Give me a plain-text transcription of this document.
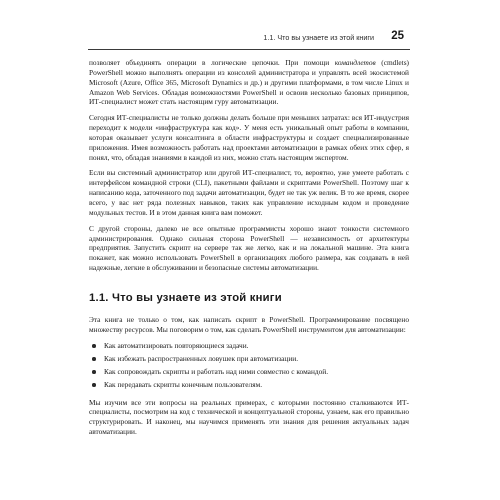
1.1. Что вы узнаете из этой книги 25

позволяет объединять операции в логические цепочки. При помощи командлетов (cmdlets) PowerShell можно выполнять операции из консолей администратора и управлять всей экосистемой Microsoft (Azure, Office 365, Microsoft Dynamics и др.) и другими платформами, в том числе Linux и Amazon Web Services. Обладая возможностями PowerShell и освоив несколько базовых принципов, ИТ-специалист может стать настоящим гуру автоматизации.

Сегодня ИТ-специалисты не только должны делать больше при меньших затратах: вся ИТ-индустрия переходит к модели «инфраструктура как код». У меня есть уникальный опыт работы в компании, которая оказывает услуги консалтинга в области инфраструктуры и создает специализированные приложения. Имея возможность работать над проектами автоматизации в рамках обеих этих сфер, я понял, что, обладая знаниями в каждой из них, можно стать настоящим экспертом.

Если вы системный администратор или другой ИТ-специалист, то, вероятно, уже умеете работать с интерфейсом командной строки (CLI), пакетными файлами и скриптами PowerShell. Поэтому шаг к написанию кода, заточенного под задачи автоматизации, будет не так уж велик. В то же время, скорее всего, у вас нет ряда полезных навыков, таких как управление исходным кодом и проведение модульных тестов. И в этом данная книга вам поможет.

С другой стороны, далеко не все опытные программисты хорошо знают тонкости системного администрирования. Однако сильная сторона PowerShell — независимость от архитектуры предприятия. Запустить скрипт на сервере так же легко, как и на локальной машине. Эта книга покажет, как можно использовать PowerShell в организациях любого размера, как создавать в ней надежные, легкие в обслуживании и безопасные системы автоматизации.

1.1. Что вы узнаете из этой книги

Эта книга не только о том, как написать скрипт в PowerShell. Программирование посвящено множеству ресурсов. Мы поговорим о том, как сделать PowerShell инструментом для автоматизации:

Как автоматизировать повторяющиеся задачи.
Как избежать распространенных ловушек при автоматизации.
Как сопровождать скрипты и работать над ними совместно с командой.
Как передавать скрипты конечным пользователям.

Мы изучим все эти вопросы на реальных примерах, с которыми постоянно сталкиваются ИТ-специалисты, посмотрим на код с технической и концептуальной стороны, узнаем, как его правильно структурировать. И наконец, мы научимся применять эти знания для решения актуальных задач автоматизации.
